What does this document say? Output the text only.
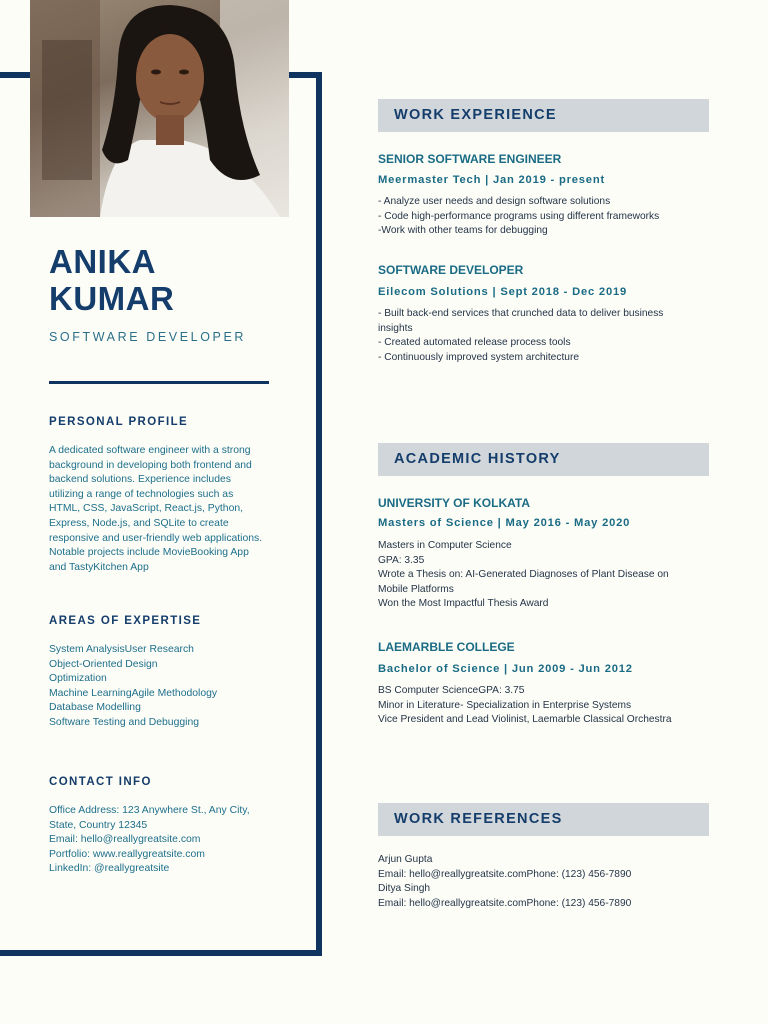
ANIKA
KUMAR
SOFTWARE DEVELOPER
PERSONAL PROFILE
A dedicated software engineer with a strong
background in developing both frontend and
backend solutions. Experience includes
utilizing a range of technologies such as
HTML, CSS, JavaScript, React.js, Python,
Express, Node.js, and SQLite to create
responsive and user-friendly web applications.
Notable projects include MovieBooking App
and TastyKitchen App
AREAS OF EXPERTISE
System AnalysisUser Research
Object-Oriented Design
Optimization
Machine LearningAgile Methodology
Database Modelling
Software Testing and Debugging
CONTACT INFO
Office Address: 123 Anywhere St., Any City,
State, Country 12345
Email: hello@reallygreatsite.com
Portfolio: www.reallygreatsite.com
LinkedIn: @reallygreatsite
WORK EXPERIENCE
SENIOR SOFTWARE ENGINEER
Meermaster Tech | Jan 2019 - present
- Analyze user needs and design software solutions
- Code high-performance programs using different frameworks
-Work with other teams for debugging
SOFTWARE DEVELOPER
Eilecom Solutions | Sept 2018 - Dec 2019
- Built back-end services that crunched data to deliver business
insights
- Created automated release process tools
- Continuously improved system architecture
ACADEMIC HISTORY
UNIVERSITY OF KOLKATA
Masters of Science | May 2016 - May 2020
Masters in Computer Science
GPA: 3.35
Wrote a Thesis on: AI-Generated Diagnoses of Plant Disease on
Mobile Platforms
Won the Most Impactful Thesis Award
LAEMARBLE COLLEGE
Bachelor of Science | Jun 2009 - Jun 2012
BS Computer ScienceGPA: 3.75
Minor in Literature- Specialization in Enterprise Systems
Vice President and Lead Violinist, Laemarble Classical Orchestra
WORK REFERENCES
Arjun Gupta
Email: hello@reallygreatsite.comPhone: (123) 456-7890
Ditya Singh
Email: hello@reallygreatsite.comPhone: (123) 456-7890
